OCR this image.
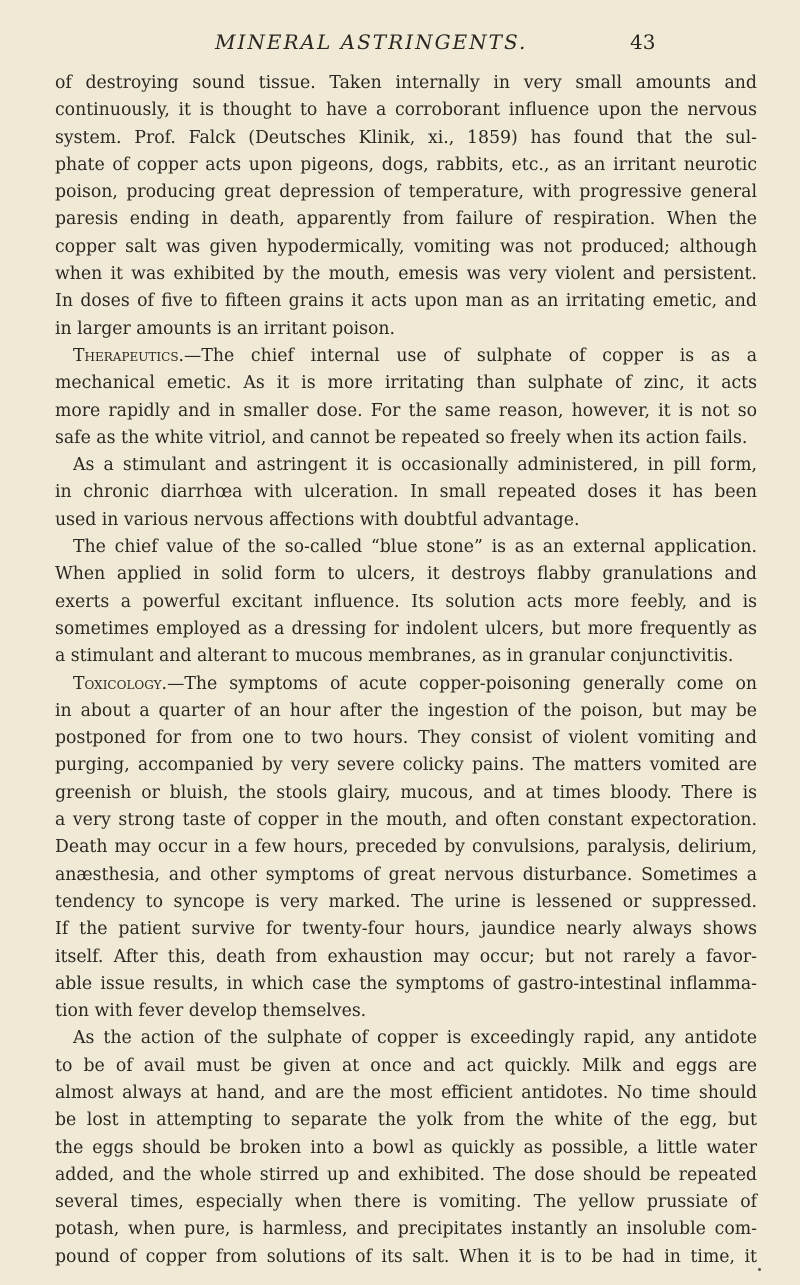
MINERAL ASTRINGENTS.	43
of destroying sound tissue. Taken internally in very small amounts and
continuously, it is thought to have a corroborant influence upon the nervous
system. Prof. Falck (Deutsches Klinik, xi., 1859) has found that the sul-
phate of copper acts upon pigeons, dogs, rabbits, etc., as an irritant neurotic
poison, producing great depression of temperature, with progressive general
paresis ending in death, apparently from failure of respiration. When the
copper salt was given hypodermically, vomiting was not produced; although
when it was exhibited by the mouth, emesis was very violent and persistent.
In doses of five to fifteen grains it acts upon man as an irritating emetic, and
in larger amounts is an irritant poison.
Therapeutics.—The chief internal use of sulphate of copper is as a
mechanical emetic. As it is more irritating than sulphate of zinc, it acts
more rapidly and in smaller dose. For the same reason, however, it is not so
safe as the white vitriol, and cannot be repeated so freely when its action fails.
As a stimulant and astringent it is occasionally administered, in pill form,
in chronic diarrhœa with ulceration. In small repeated doses it has been
used in various nervous affections with doubtful advantage.
The chief value of the so-called “blue stone” is as an external application.
When applied in solid form to ulcers, it destroys flabby granulations and
exerts a powerful excitant influence. Its solution acts more feebly, and is
sometimes employed as a dressing for indolent ulcers, but more frequently as
a stimulant and alterant to mucous membranes, as in granular conjunctivitis.
Toxicology.—The symptoms of acute copper-poisoning generally come on
in about a quarter of an hour after the ingestion of the poison, but may be
postponed for from one to two hours. They consist of violent vomiting and
purging, accompanied by very severe colicky pains. The matters vomited are
greenish or bluish, the stools glairy, mucous, and at times bloody. There is
a very strong taste of copper in the mouth, and often constant expectoration.
Death may occur in a few hours, preceded by convulsions, paralysis, delirium,
anæsthesia, and other symptoms of great nervous disturbance. Sometimes a
tendency to syncope is very marked. The urine is lessened or suppressed.
If the patient survive for twenty-four hours, jaundice nearly always shows
itself. After this, death from exhaustion may occur; but not rarely a favor-
able issue results, in which case the symptoms of gastro-intestinal inflamma-
tion with fever develop themselves.
As the action of the sulphate of copper is exceedingly rapid, any antidote
to be of avail must be given at once and act quickly. Milk and eggs are
almost always at hand, and are the most efficient antidotes. No time should
be lost in attempting to separate the yolk from the white of the egg, but
the eggs should be broken into a bowl as quickly as possible, a little water
added, and the whole stirred up and exhibited. The dose should be repeated
several times, especially when there is vomiting. The yellow prussiate of
potash, when pure, is harmless, and precipitates instantly an insoluble com-
pound of copper from solutions of its salt. When it is to be had in time, it
